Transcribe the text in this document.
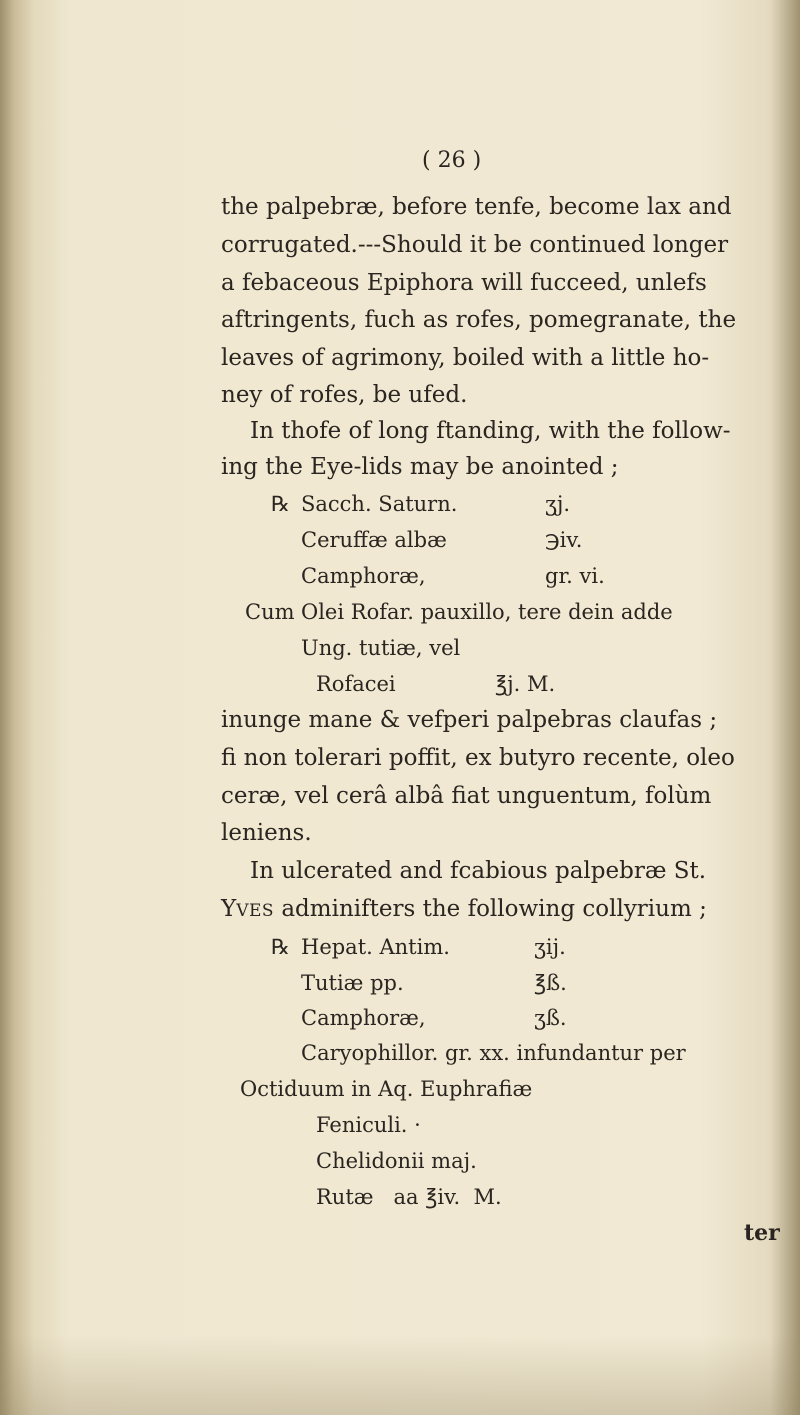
( 26 )
the palpebræ, before tenfe, become lax and
corrugated.---Should it be continued longer
a febaceous Epiphora will fucceed, unlefs
aftringents, fuch as rofes, pomegranate, the
leaves of agrimony, boiled with a little ho-
ney of rofes, be ufed.
In thofe of long ftanding, with the follow-
ing the Eye-lids may be anointed ;
℞ Sacch. Saturn.	ʒj.
Ceruffæ albæ	℈iv.
Camphoræ,	gr. vi.
Cum Olei Rofar. pauxillo, tere dein adde
Ung. tutiæ, vel
Rofacei	℥j. M.
inunge mane & vefperi palpebras claufas ;
fi non tolerari poffit, ex butyro recente, oleo
ceræ, vel cerâ albâ fiat unguentum, folùm
leniens.
In ulcerated and fcabious palpebræ St.
YVES adminifters the following collyrium ;
℞ Hepat. Antim.	ʒij.
Tutiæ pp.	℥ß.
Camphoræ,	ʒß.
Caryophillor. gr. xx. infundantur per
Octiduum in Aq. Euphrafiæ
Feniculi. ·
Chelidonii maj.
Rutæ   aa ℥iv.  M.
ter
